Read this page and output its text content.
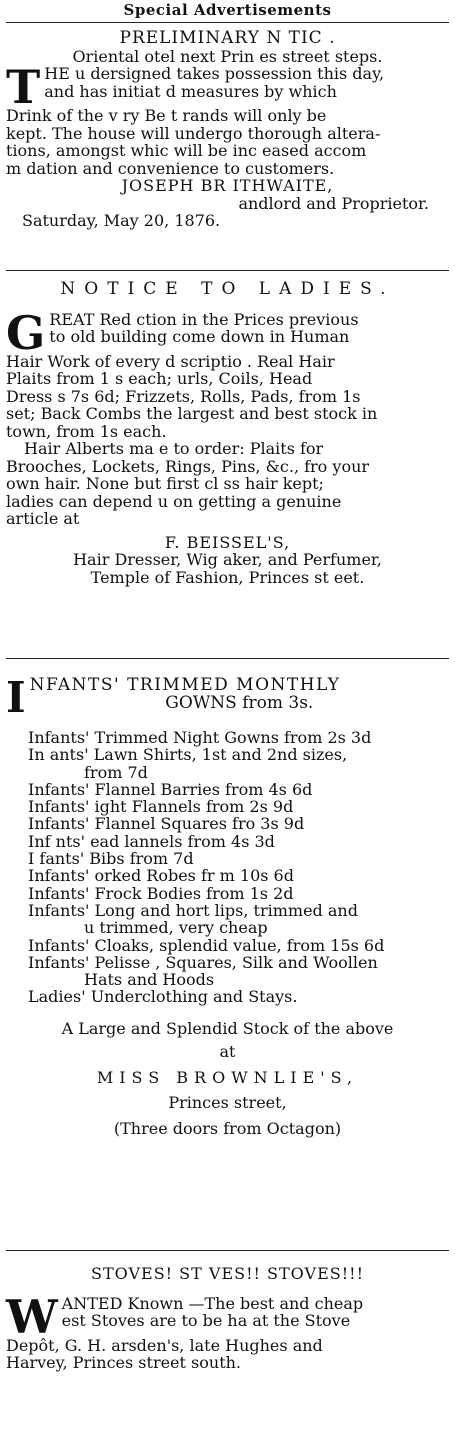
Special Advertisements

PRELIMINARY N TIC .

Oriental otel next Prin es street steps.

T HE u dersigned takes possession this day,

and has initiat d measures by which

Drink of the v ry Be t rands will only be

kept. The house will undergo thorough altera-

tions, amongst whic will be inc eased accom

m dation and convenience to customers.

JOSEPH BR ITHWAITE,

andlord and Proprietor.

Saturday, May 20, 1876.

NOTICE TO LADIES.

G REAT Red ction in the Prices previous

to old building come down in Human

Hair Work of every d scriptio . Real Hair

Plaits from 1 s each; urls, Coils, Head

Dress s 7s 6d; Frizzets, Rolls, Pads, from 1s

set; Back Combs the largest and best stock in

town, from 1s each.

Hair Alberts ma e to order: Plaits for

Brooches, Lockets, Rings, Pins, &c., fro your

own hair. None but first cl ss hair kept;

ladies can depend u on getting a genuine

article at

F. BEISSEL'S,

Hair Dresser, Wig aker, and Perfumer,

Temple of Fashion, Princes st eet.

I NFANTS' TRIMMED MONTHLY

GOWNS from 3s.

Infants' Trimmed Night Gowns from 2s 3d

In ants' Lawn Shirts, 1st and 2nd sizes,

from 7d

Infants' Flannel Barries from 4s 6d

Infants' ight Flannels from 2s 9d

Infants' Flannel Squares fro 3s 9d

Inf nts' ead lannels from 4s 3d

I fants' Bibs from 7d

Infants' orked Robes fr m 10s 6d

Infants' Frock Bodies from 1s 2d

Infants' Long and hort lips, trimmed and

u trimmed, very cheap

Infants' Cloaks, splendid value, from 15s 6d

Infants' Pelisse , Squares, Silk and Woollen

Hats and Hoods

Ladies' Underclothing and Stays.

A Large and Splendid Stock of the above

at

MISS BROWNLIE'S,

Princes street,

(Three doors from Octagon)

STOVES! ST VES!! STOVES!!!

W ANTED Known —The best and cheap

est Stoves are to be ha at the Stove

Depôt, G. H. arsden's, late Hughes and

Harvey, Princes street south.
